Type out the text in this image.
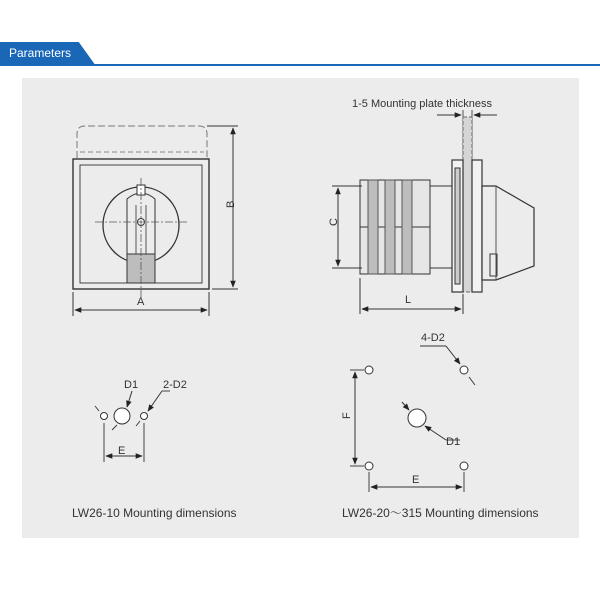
Parameters
A
B
1-5 Mounting plate thickness
C
L
D1 2-D2
E
4-D2
D1
F
E
LW26-10 Mounting dimensions	LW26-20～315 Mounting dimensions
